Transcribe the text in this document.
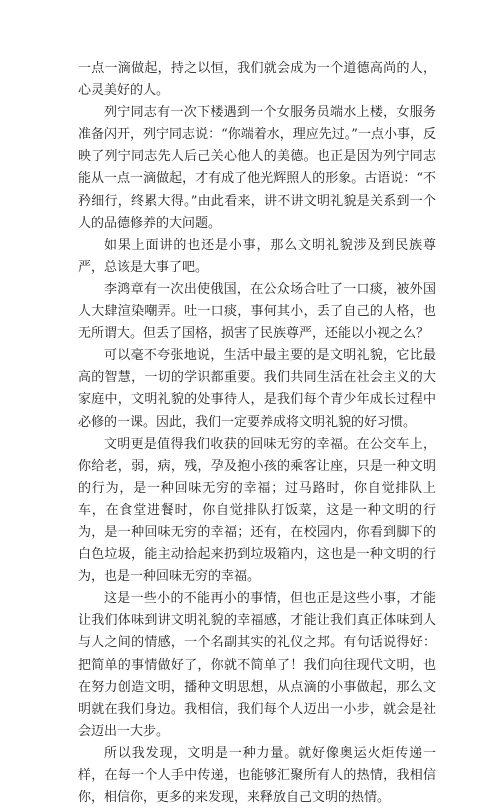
一点一滴做起，持之以恒，我们就会成为一个道德高尚的人，心灵美好的人。

列宁同志有一次下楼遇到一个女服务员端水上楼，女服务准备闪开，列宁同志说：“你端着水，理应先过。”一点小事，反映了列宁同志先人后己关心他人的美德。也正是因为列宁同志能从一点一滴做起，才有成了他光辉照人的形象。古语说：“不矜细行，终累大得。”由此看来，讲不讲文明礼貌是关系到一个人的品德修养的大问题。

如果上面讲的也还是小事，那么文明礼貌涉及到民族尊严，总该是大事了吧。

李鸿章有一次出使俄国，在公众场合吐了一口痰，被外国人大肆渲染嘲弄。吐一口痰，事何其小，丢了自己的人格，也无所谓大。但丢了国格，损害了民族尊严，还能以小视之么？

可以毫不夸张地说，生活中最主要的是文明礼貌，它比最高的智慧，一切的学识都重要。我们共同生活在社会主义的大家庭中，文明礼貌的处事待人，是我们每个青少年成长过程中必修的一课。因此，我们一定要养成将文明礼貌的好习惯。

文明更是值得我们收获的回味无穷的幸福。在公交车上，你给老，弱，病，残，孕及抱小孩的乘客让座，只是一种文明的行为，是一种回味无穷的幸福；过马路时，你自觉排队上车，在食堂进餐时，你自觉排队打饭菜，这是一种文明的行为，是一种回味无穷的幸福；还有，在校园内，你看到脚下的白色垃圾，能主动拾起来扔到垃圾箱内，这也是一种文明的行为，也是一种回味无穷的幸福。

这是一些小的不能再小的事情，但也正是这些小事，才能让我们体味到讲文明礼貌的幸福感，才能让我们真正体味到人与人之间的情感，一个名副其实的礼仪之邦。有句话说得好：把简单的事情做好了，你就不简单了！我们向往现代文明，也在努力创造文明，播种文明思想，从点滴的小事做起，那么文明就在我们身边。我相信，我们每个人迈出一小步，就会是社会迈出一大步。

所以我发现，文明是一种力量。就好像奥运火炬传递一样，在每一个人手中传递，也能够汇聚所有人的热情，我相信你，相信你，更多的来发现，来释放自己文明的热情。
